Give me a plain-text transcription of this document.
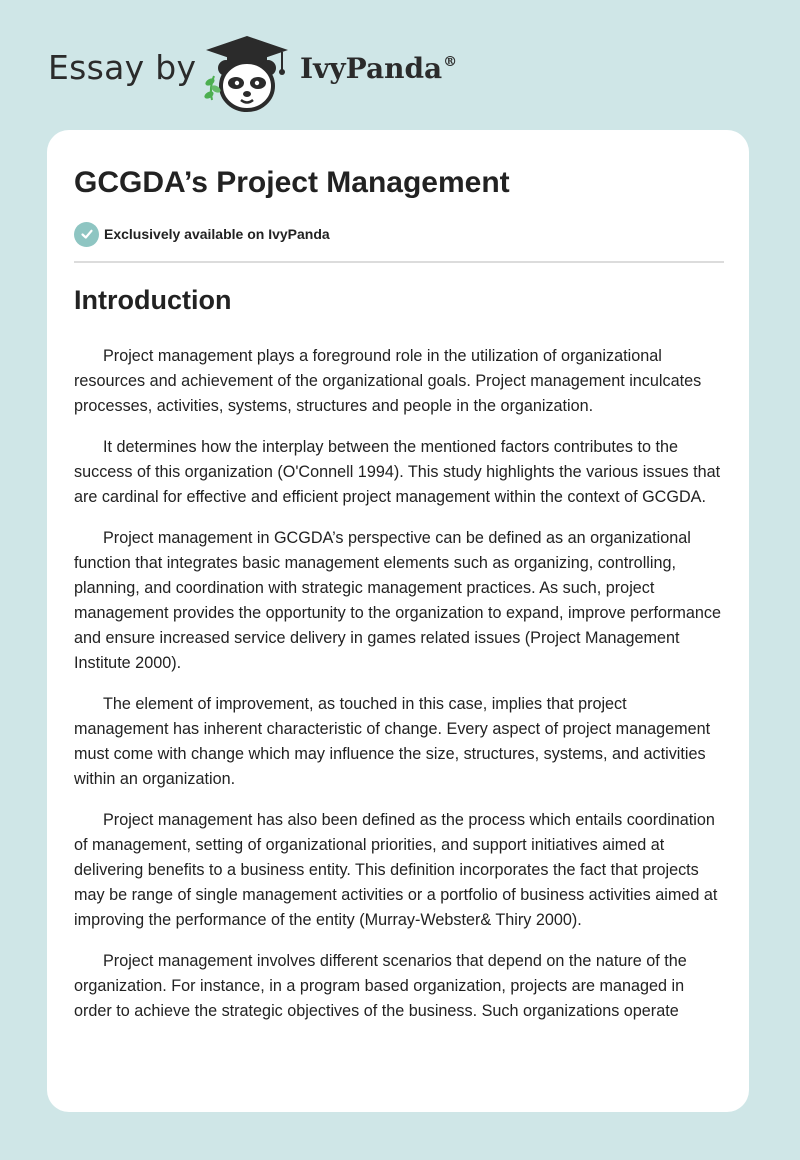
Essay by	IvyPanda®
GCGDA’s Project Management
Exclusively available on IvyPanda
Introduction

Project management plays a foreground role in the utilization of organizational resources and achievement of the organizational goals. Project management inculcates processes, activities, systems, structures and people in the organization.

It determines how the interplay between the mentioned factors contributes to the success of this organization (O'Connell 1994). This study highlights the various issues that are cardinal for effective and efficient project management within the context of GCGDA.

Project management in GCGDA’s perspective can be defined as an organizational function that integrates basic management elements such as organizing, controlling, planning, and coordination with strategic management practices. As such, project management provides the opportunity to the organization to expand, improve performance and ensure increased service delivery in games related issues (Project Management Institute 2000).

The element of improvement, as touched in this case, implies that project management has inherent characteristic of change. Every aspect of project management must come with change which may influence the size, structures, systems, and activities within an organization.

Project management has also been defined as the process which entails coordination of management, setting of organizational priorities, and support initiatives aimed at delivering benefits to a business entity. This definition incorporates the fact that projects may be range of single management activities or a portfolio of business activities aimed at improving the performance of the entity (Murray-Webster& Thiry 2000).

Project management involves different scenarios that depend on the nature of the organization. For instance, in a program based organization, projects are managed in order to achieve the strategic objectives of the business. Such organizations operate
